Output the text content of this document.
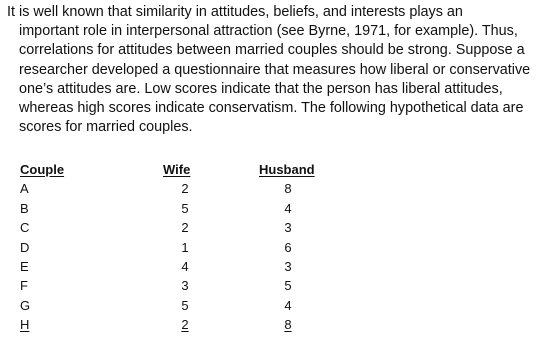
It is well known that similarity in attitudes, beliefs, and interests plays an
important role in interpersonal attraction (see Byrne, 1971, for example). Thus,
correlations for attitudes between married couples should be strong. Suppose a
researcher developed a questionnaire that measures how liberal or conservative
one’s attitudes are. Low scores indicate that the person has liberal attitudes,
whereas high scores indicate conservatism. The following hypothetical data are
scores for married couples.
Couple	Wife	Husband
A	2	8
B	5	4
C	2	3
D	1	6
E	4	3
F	3	5
G	5	4
H	2	8
